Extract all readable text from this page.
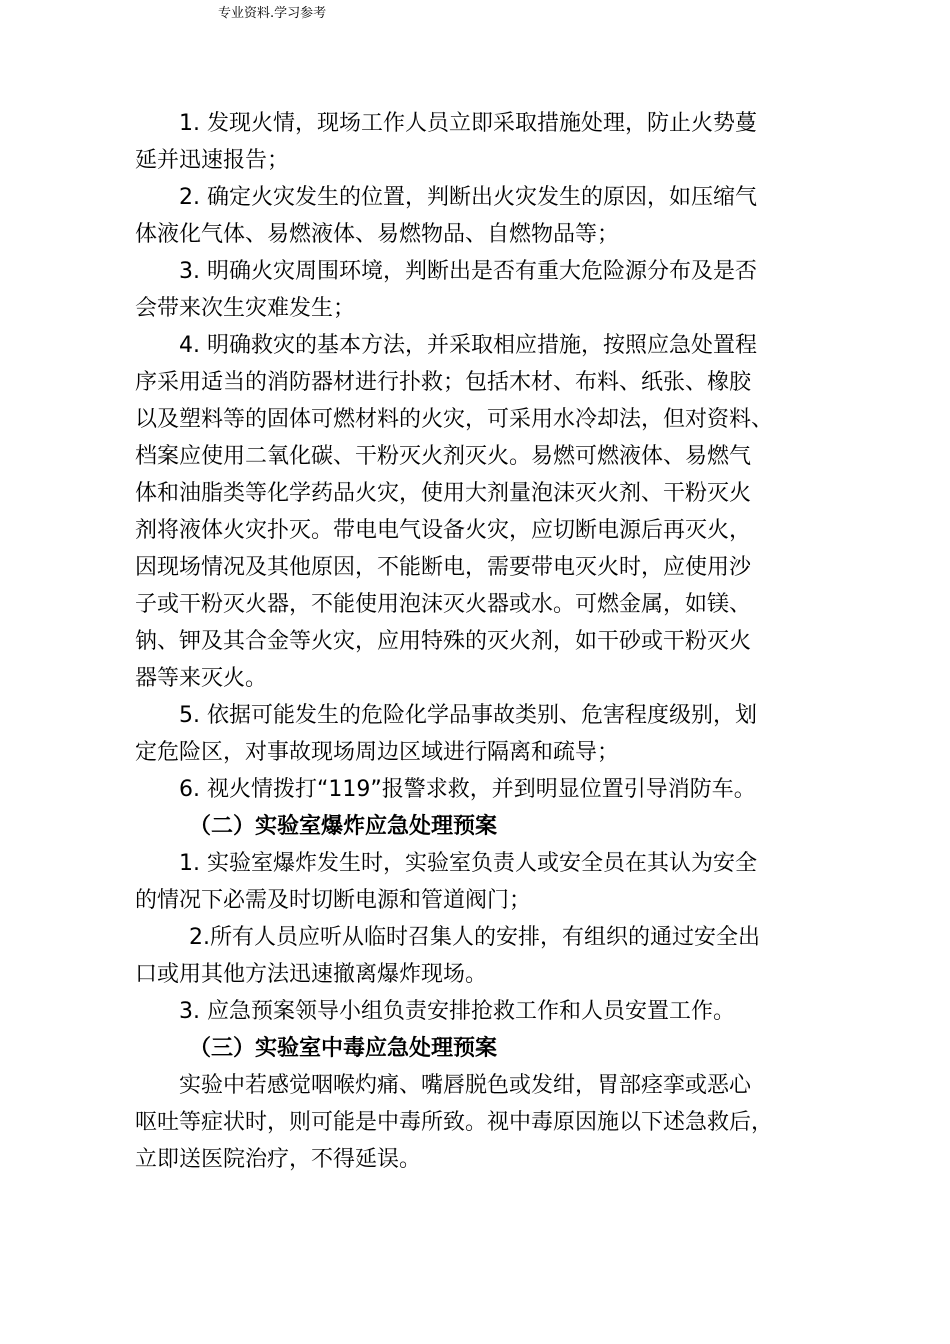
专业资料.学习参考
1. 发现火情，现场工作人员立即采取措施处理，防止火势蔓
延并迅速报告；
2. 确定火灾发生的位置，判断出火灾发生的原因，如压缩气
体液化气体、易燃液体、易燃物品、自燃物品等；
3. 明确火灾周围环境，判断出是否有重大危险源分布及是否
会带来次生灾难发生；
4. 明确救灾的基本方法，并采取相应措施，按照应急处置程
序采用适当的消防器材进行扑救；包括木材、布料、纸张、橡胶
以及塑料等的固体可燃材料的火灾，可采用水冷却法，但对资料、
档案应使用二氧化碳、干粉灭火剂灭火。易燃可燃液体、易燃气
体和油脂类等化学药品火灾，使用大剂量泡沫灭火剂、干粉灭火
剂将液体火灾扑灭。带电电气设备火灾，应切断电源后再灭火，
因现场情况及其他原因，不能断电，需要带电灭火时，应使用沙
子或干粉灭火器，不能使用泡沫灭火器或水。可燃金属，如镁、
钠、钾及其合金等火灾，应用特殊的灭火剂，如干砂或干粉灭火
器等来灭火。
5. 依据可能发生的危险化学品事故类别、危害程度级别，划
定危险区，对事故现场周边区域进行隔离和疏导；
6. 视火情拨打“119”报警求救，并到明显位置引导消防车。
（二）实验室爆炸应急处理预案
1. 实验室爆炸发生时，实验室负责人或安全员在其认为安全
的情况下必需及时切断电源和管道阀门；
2.所有人员应听从临时召集人的安排，有组织的通过安全出
口或用其他方法迅速撤离爆炸现场。
3. 应急预案领导小组负责安排抢救工作和人员安置工作。
（三）实验室中毒应急处理预案
实验中若感觉咽喉灼痛、嘴唇脱色或发绀，胃部痉挛或恶心
呕吐等症状时，则可能是中毒所致。视中毒原因施以下述急救后，
立即送医院治疗，不得延误。
